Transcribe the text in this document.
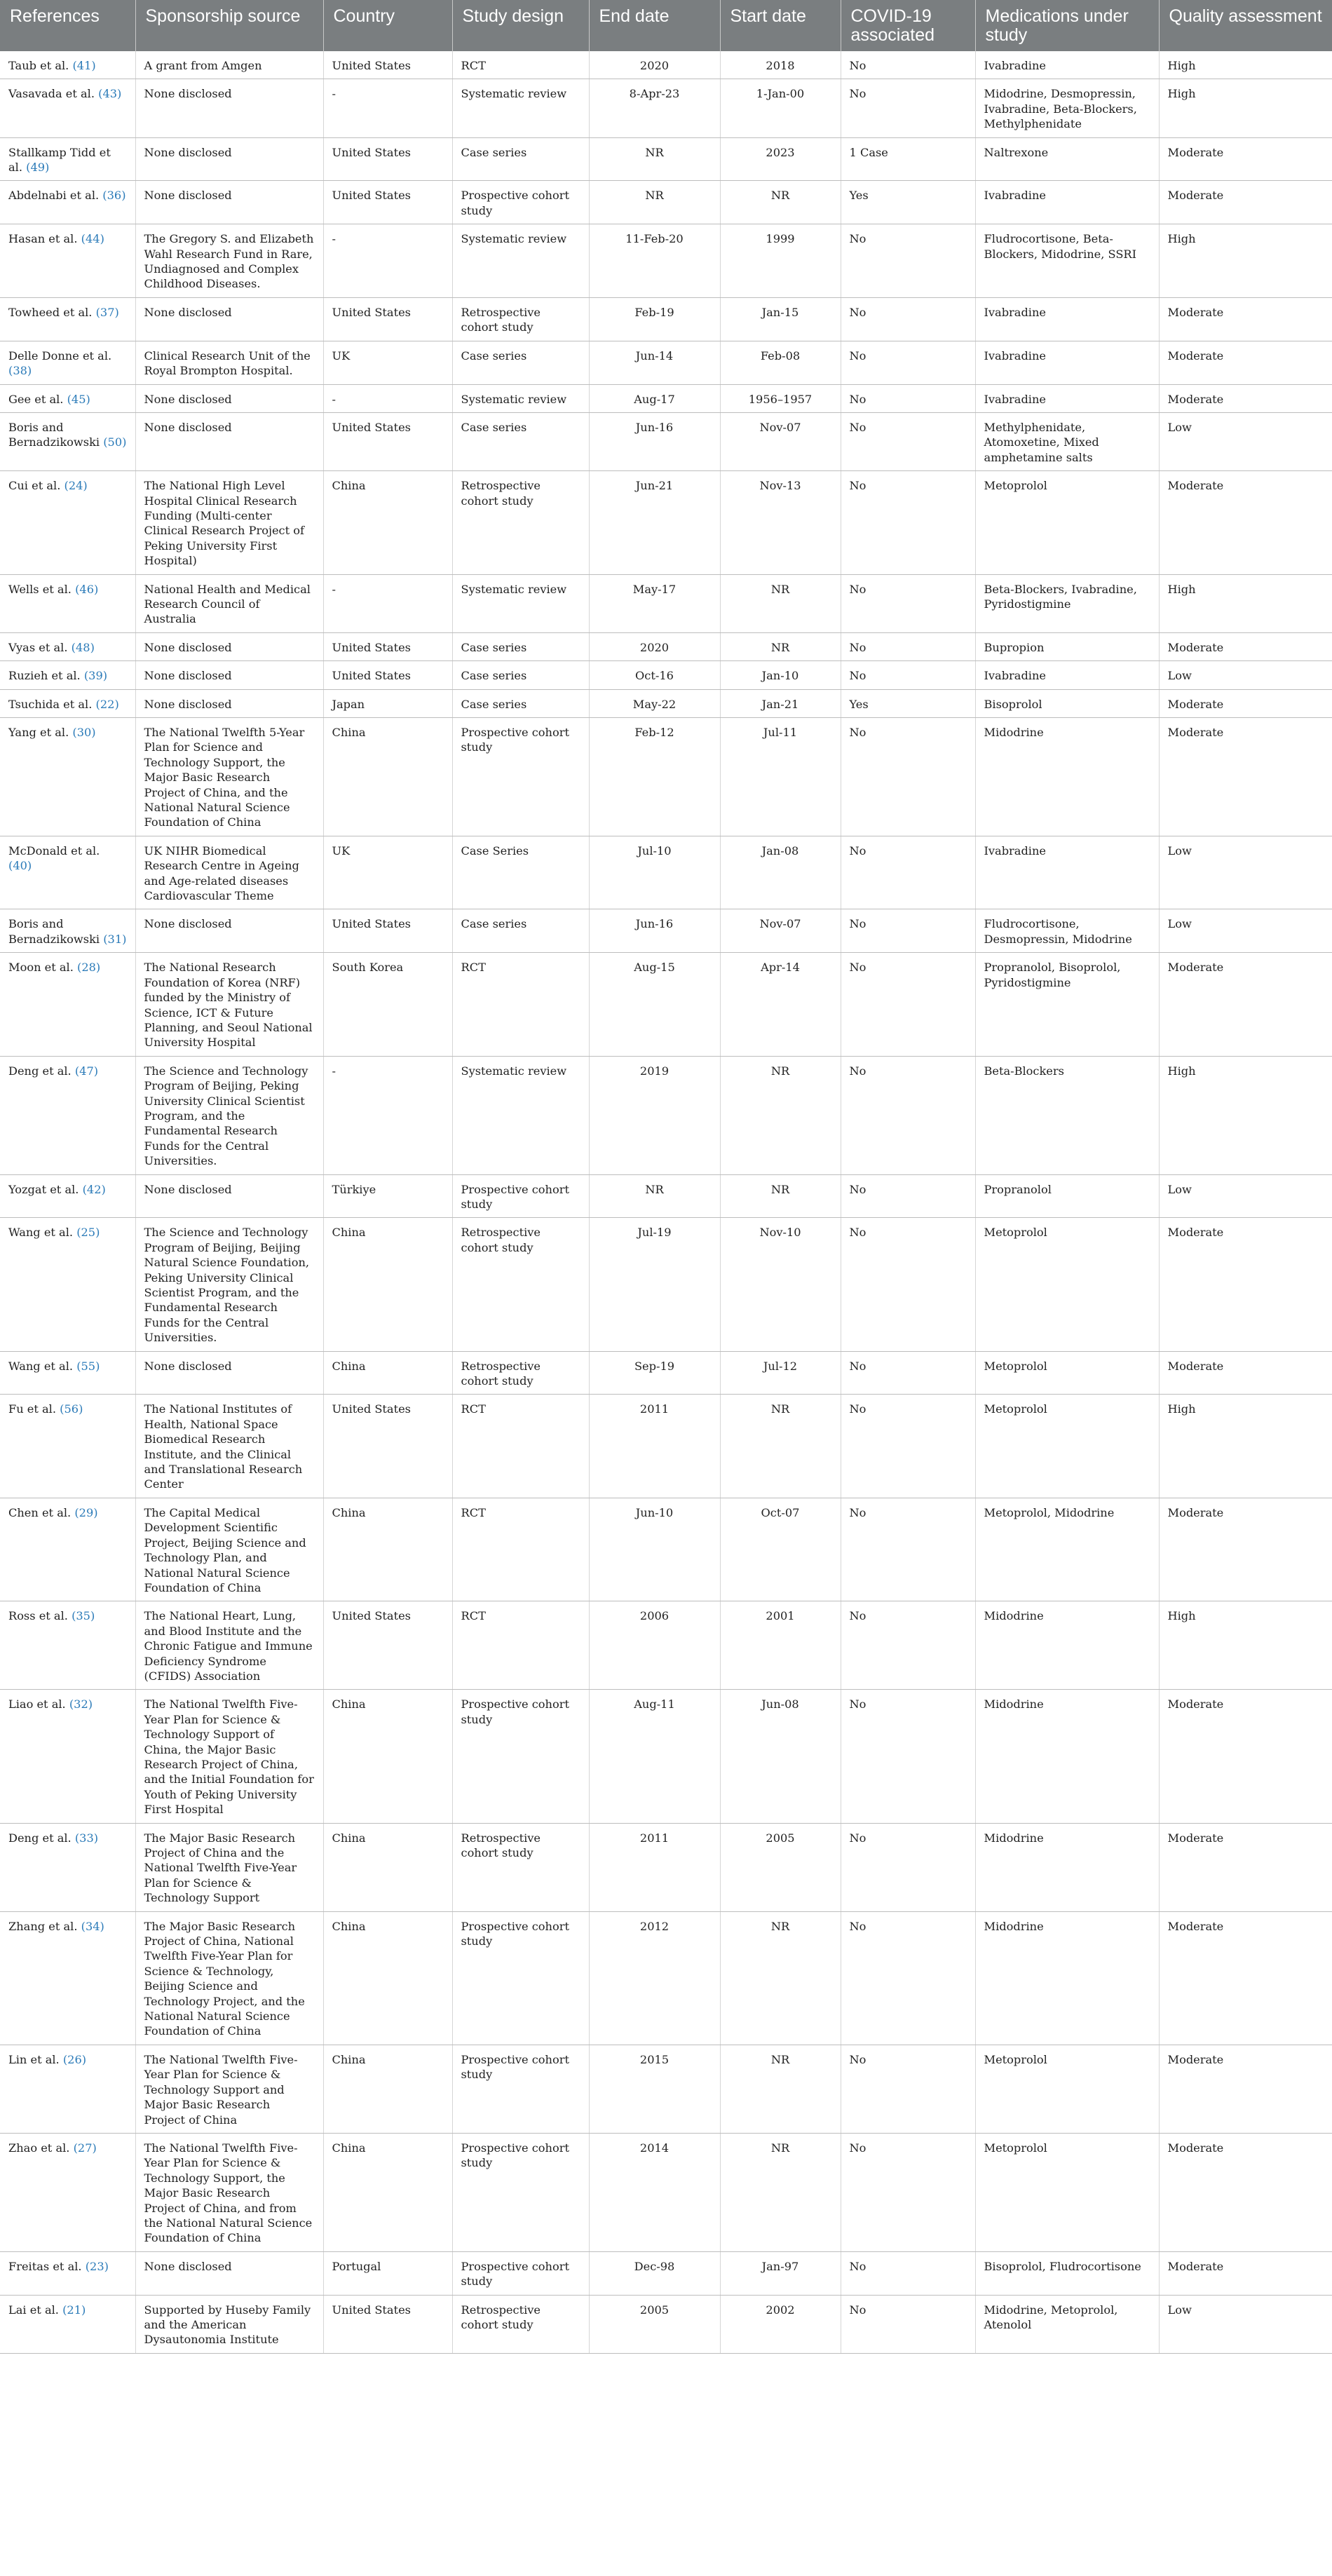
References	Sponsorship source	Country	Study design	End date	Start date	COVID-19 associated	Medications under study	Quality assessment
Taub et al. (41)	A grant from Amgen	United States	RCT	2020	2018	No	Ivabradine	High
Vasavada et al. (43)	None disclosed	-	Systematic review	8-Apr-23	1-Jan-00	No	Midodrine, Desmopressin, Ivabradine, Beta-Blockers, Methylphenidate	High
Stallkamp Tidd et al. (49)	None disclosed	United States	Case series	NR	2023	1 Case	Naltrexone	Moderate
Abdelnabi et al. (36)	None disclosed	United States	Prospective cohort study	NR	NR	Yes	Ivabradine	Moderate
Hasan et al. (44)	The Gregory S. and Elizabeth Wahl Research Fund in Rare, Undiagnosed and Complex Childhood Diseases.	-	Systematic review	11-Feb-20	1999	No	Fludrocortisone, Beta-Blockers, Midodrine, SSRI	High
Towheed et al. (37)	None disclosed	United States	Retrospective cohort study	Feb-19	Jan-15	No	Ivabradine	Moderate
Delle Donne et al. (38)	Clinical Research Unit of the Royal Brompton Hospital.	UK	Case series	Jun-14	Feb-08	No	Ivabradine	Moderate
Gee et al. (45)	None disclosed	-	Systematic review	Aug-17	1956–1957	No	Ivabradine	Moderate
Boris and Bernadzikowski (50)	None disclosed	United States	Case series	Jun-16	Nov-07	No	Methylphenidate, Atomoxetine, Mixed amphetamine salts	Low
Cui et al. (24)	The National High Level Hospital Clinical Research Funding (Multi-center Clinical Research Project of Peking University First Hospital)	China	Retrospective cohort study	Jun-21	Nov-13	No	Metoprolol	Moderate
Wells et al. (46)	National Health and Medical Research Council of Australia	-	Systematic review	May-17	NR	No	Beta-Blockers, Ivabradine, Pyridostigmine	High
Vyas et al. (48)	None disclosed	United States	Case series	2020	NR	No	Bupropion	Moderate
Ruzieh et al. (39)	None disclosed	United States	Case series	Oct-16	Jan-10	No	Ivabradine	Low
Tsuchida et al. (22)	None disclosed	Japan	Case series	May-22	Jan-21	Yes	Bisoprolol	Moderate
Yang et al. (30)	The National Twelfth 5-Year Plan for Science and Technology Support, the Major Basic Research Project of China, and the National Natural Science Foundation of China	China	Prospective cohort study	Feb-12	Jul-11	No	Midodrine	Moderate
McDonald et al. (40)	UK NIHR Biomedical Research Centre in Ageing and Age-related diseases Cardiovascular Theme	UK	Case Series	Jul-10	Jan-08	No	Ivabradine	Low
Boris and Bernadzikowski (31)	None disclosed	United States	Case series	Jun-16	Nov-07	No	Fludrocortisone, Desmopressin, Midodrine	Low
Moon et al. (28)	The National Research Foundation of Korea (NRF) funded by the Ministry of Science, ICT & Future Planning, and Seoul National University Hospital	South Korea	RCT	Aug-15	Apr-14	No	Propranolol, Bisoprolol, Pyridostigmine	Moderate
Deng et al. (47)	The Science and Technology Program of Beijing, Peking University Clinical Scientist Program, and the Fundamental Research Funds for the Central Universities.	-	Systematic review	2019	NR	No	Beta-Blockers	High
Yozgat et al. (42)	None disclosed	Türkiye	Prospective cohort study	NR	NR	No	Propranolol	Low
Wang et al. (25)	The Science and Technology Program of Beijing, Beijing Natural Science Foundation, Peking University Clinical Scientist Program, and the Fundamental Research Funds for the Central Universities.	China	Retrospective cohort study	Jul-19	Nov-10	No	Metoprolol	Moderate
Wang et al. (55)	None disclosed	China	Retrospective cohort study	Sep-19	Jul-12	No	Metoprolol	Moderate
Fu et al. (56)	The National Institutes of Health, National Space Biomedical Research Institute, and the Clinical and Translational Research Center	United States	RCT	2011	NR	No	Metoprolol	High
Chen et al. (29)	The Capital Medical Development Scientific Project, Beijing Science and Technology Plan, and National Natural Science Foundation of China	China	RCT	Jun-10	Oct-07	No	Metoprolol, Midodrine	Moderate
Ross et al. (35)	The National Heart, Lung, and Blood Institute and the Chronic Fatigue and Immune Deficiency Syndrome (CFIDS) Association	United States	RCT	2006	2001	No	Midodrine	High
Liao et al. (32)	The National Twelfth Five-Year Plan for Science & Technology Support of China, the Major Basic Research Project of China, and the Initial Foundation for Youth of Peking University First Hospital	China	Prospective cohort study	Aug-11	Jun-08	No	Midodrine	Moderate
Deng et al. (33)	The Major Basic Research Project of China and the National Twelfth Five-Year Plan for Science & Technology Support	China	Retrospective cohort study	2011	2005	No	Midodrine	Moderate
Zhang et al. (34)	The Major Basic Research Project of China, National Twelfth Five-Year Plan for Science & Technology, Beijing Science and Technology Project, and the National Natural Science Foundation of China	China	Prospective cohort study	2012	NR	No	Midodrine	Moderate
Lin et al. (26)	The National Twelfth Five-Year Plan for Science & Technology Support and Major Basic Research Project of China	China	Prospective cohort study	2015	NR	No	Metoprolol	Moderate
Zhao et al. (27)	The National Twelfth Five-Year Plan for Science & Technology Support, the Major Basic Research Project of China, and from the National Natural Science Foundation of China	China	Prospective cohort study	2014	NR	No	Metoprolol	Moderate
Freitas et al. (23)	None disclosed	Portugal	Prospective cohort study	Dec-98	Jan-97	No	Bisoprolol, Fludrocortisone	Moderate
Lai et al. (21)	Supported by Huseby Family and the American Dysautonomia Institute	United States	Retrospective cohort study	2005	2002	No	Midodrine, Metoprolol, Atenolol	Low
